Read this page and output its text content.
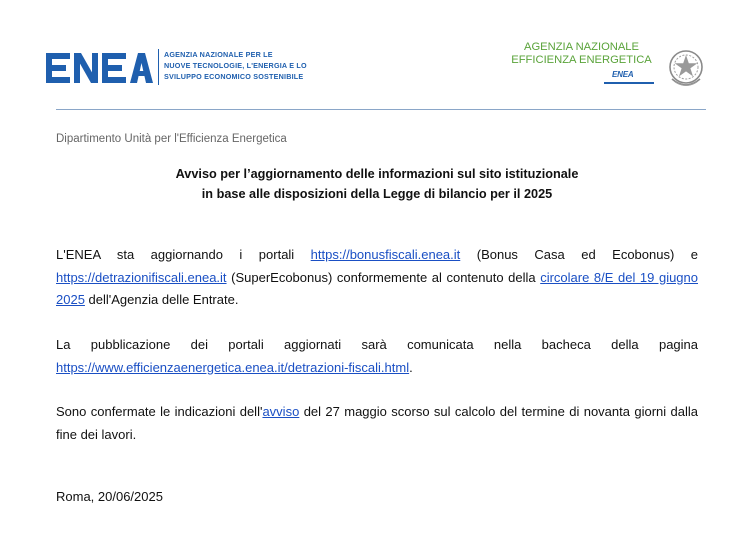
AGENZIA NAZIONALE PER LE
NUOVE TECNOLOGIE, L'ENERGIA E LO
SVILUPPO ECONOMICO SOSTENIBILE
AGENZIA NAZIONALE
EFFICIENZA ENERGETICA
ENEA
Dipartimento Unità per l'Efficienza Energetica
Avviso per l’aggiornamento delle informazioni sul sito istituzionale
in base alle disposizioni della Legge di bilancio per il 2025
L'ENEA sta aggiornando i portali https://bonusfiscali.enea.it (Bonus Casa ed Ecobonus) e https://detrazionifiscali.enea.it (SuperEcobonus) conformemente al contenuto della circolare 8/E del 19 giugno 2025 dell'Agenzia delle Entrate.
La pubblicazione dei portali aggiornati sarà comunicata nella bacheca della pagina https://www.efficienzaenergetica.enea.it/detrazioni-fiscali.html.
Sono confermate le indicazioni dell'avviso del 27 maggio scorso sul calcolo del termine di novanta giorni dalla fine dei lavori.
Roma, 20/06/2025
